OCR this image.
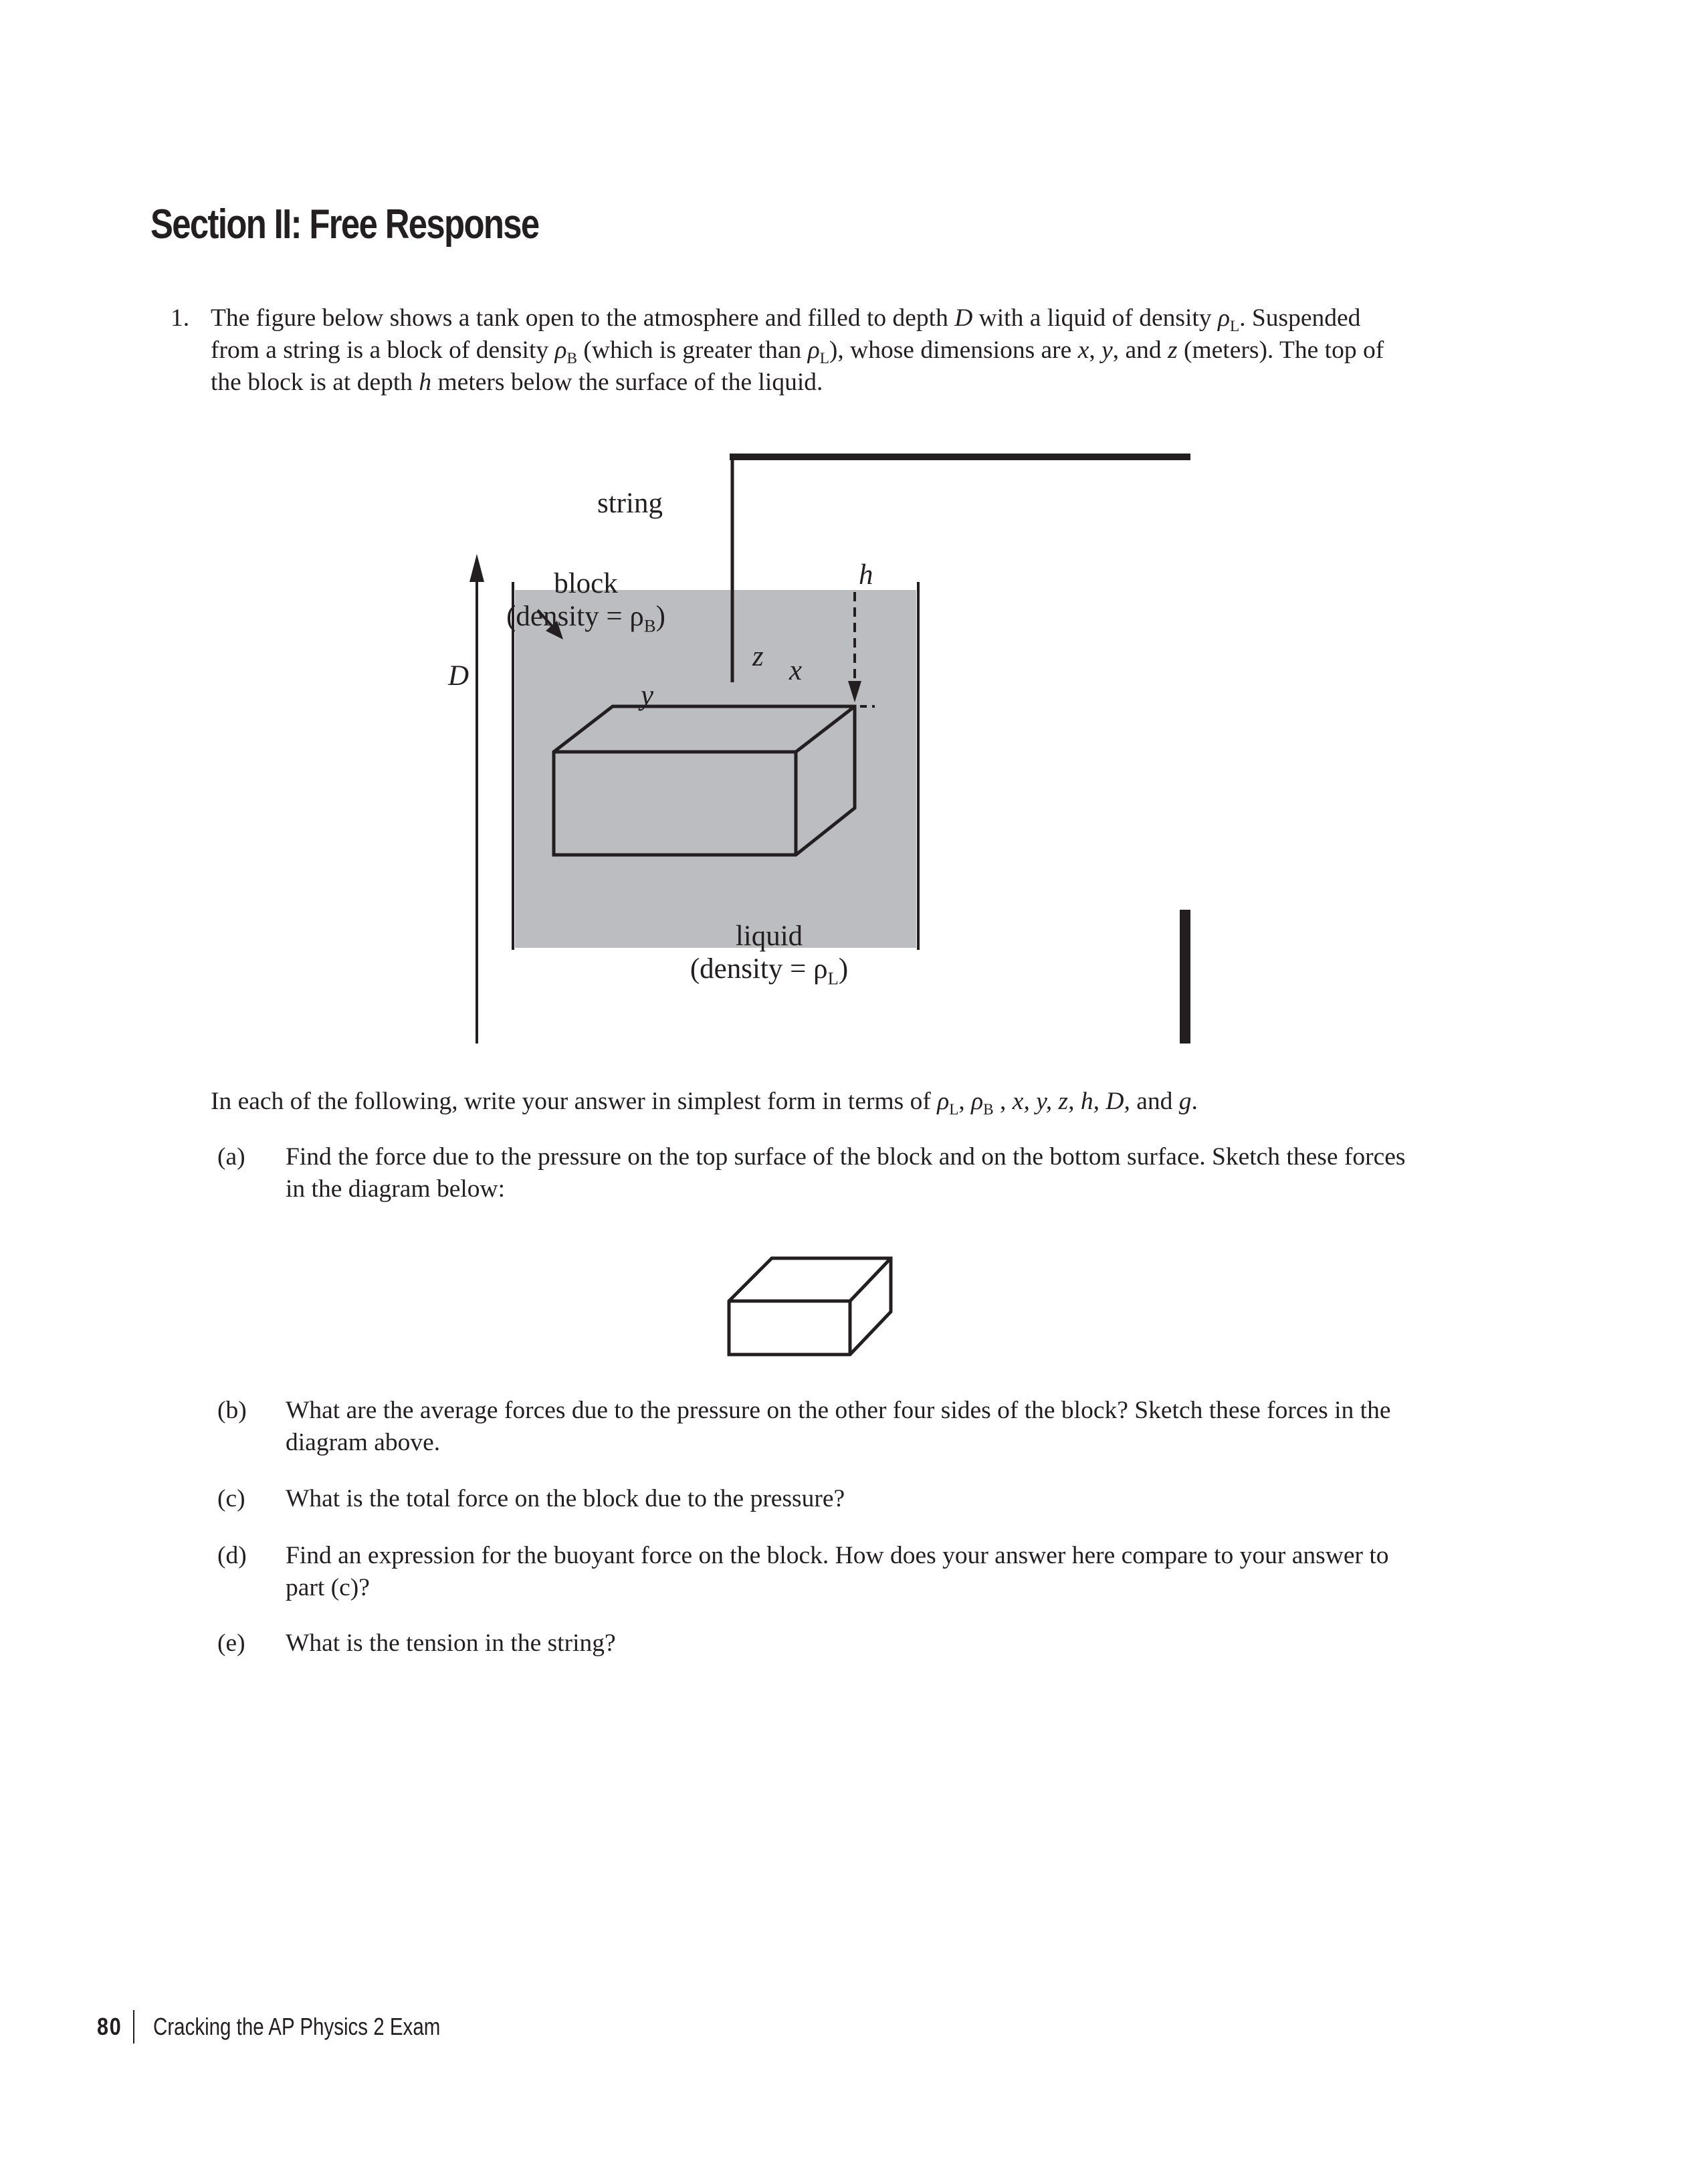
Section II: Free Response
1. The figure below shows a tank open to the atmosphere and filled to depth D with a liquid of density $\rho_L$. Suspended
from a string is a block of density $\rho_B$ (which is greater than $\rho_L$), whose dimensions are x, y, and z (meters). The top of
the block is at depth h meters below the surface of the liquid.
string
block
(density = $\rho_B$)
liquid
(density = $\rho_L$)
D
h
z x
y
In each of the following, write your answer in simplest form in terms of $\rho_L$, $\rho_B$ , x, y, z, h, D, and g.
(a) Find the force due to the pressure on the top surface of the block and on the bottom surface. Sketch these forces
in the diagram below:
(b) What are the average forces due to the pressure on the other four sides of the block? Sketch these forces in the
diagram above.
(c) What is the total force on the block due to the pressure?
(d) Find an expression for the buoyant force on the block. How does your answer here compare to your answer to
part (c)?
(e) What is the tension in the string?
80 Cracking the AP Physics 2 Exam
